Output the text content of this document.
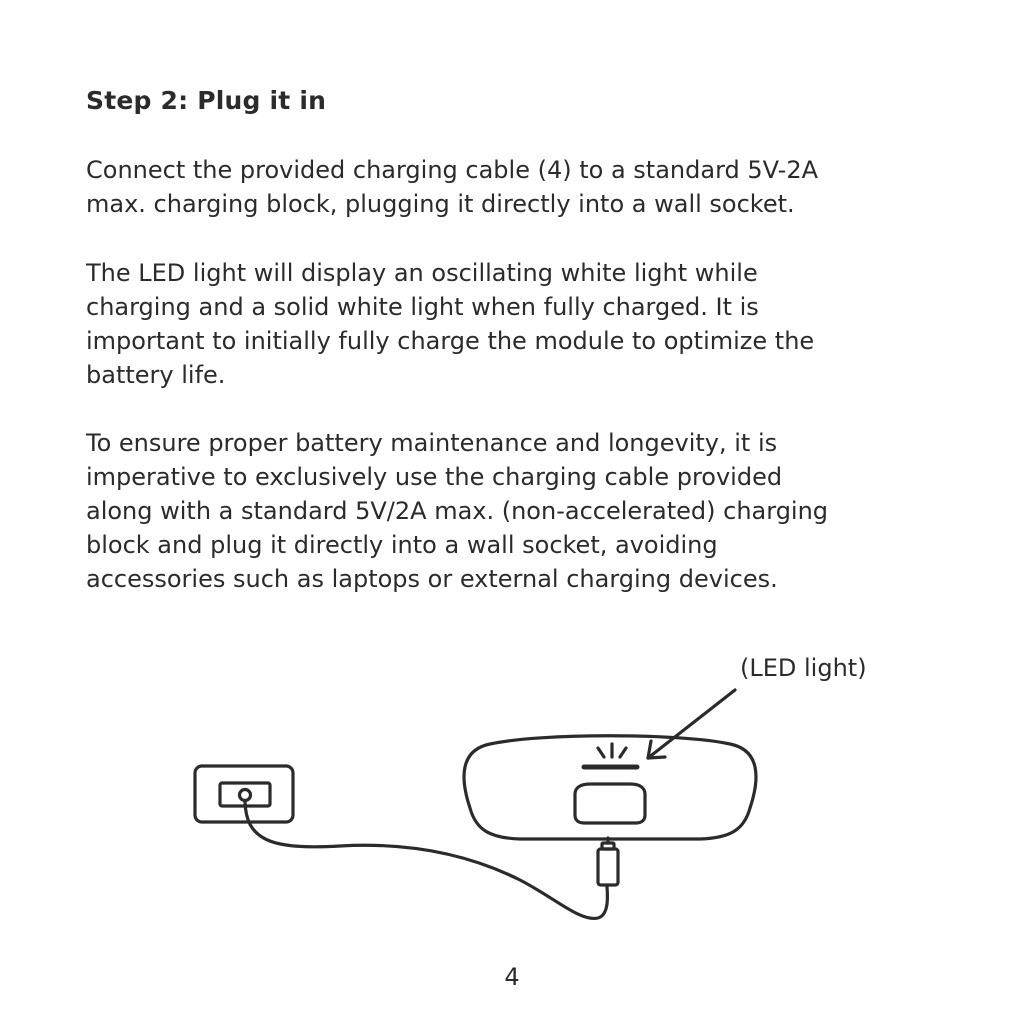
Step 2: Plug it in

Connect the provided charging cable (4) to a standard 5V-2A
max. charging block, plugging it directly into a wall socket.

The LED light will display an oscillating white light while
charging and a solid white light when fully charged. It is
important to initially fully charge the module to optimize the
battery life.

To ensure proper battery maintenance and longevity, it is
imperative to exclusively use the charging cable provided
along with a standard 5V/2A max. (non-accelerated) charging
block and plug it directly into a wall socket, avoiding
accessories such as laptops or external charging devices.

(LED light)

4
